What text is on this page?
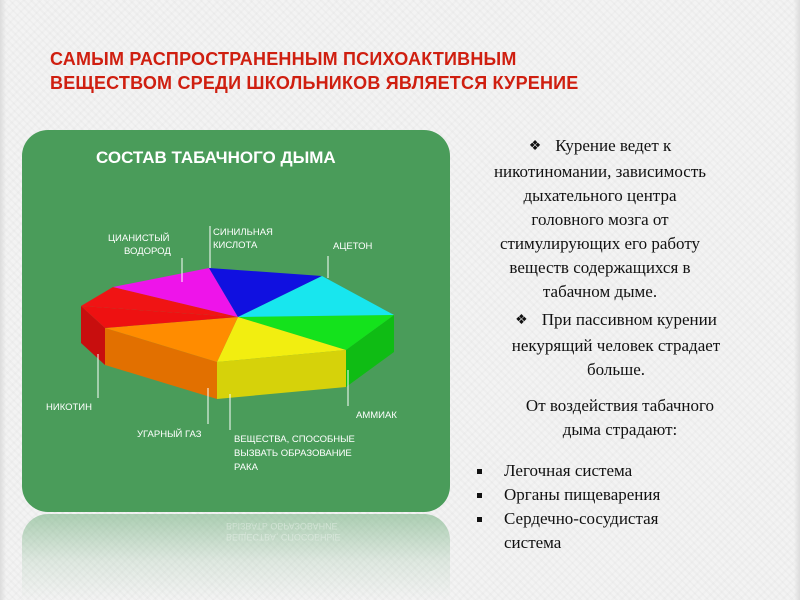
САМЫМ РАСПРОСТРАНЕННЫМ ПСИХОАКТИВНЫМ
ВЕЩЕСТВОМ СРЕДИ ШКОЛЬНИКОВ ЯВЛЯЕТСЯ КУРЕНИЕ
СОСТАВ ТАБАЧНОГО ДЫМА
ЦИАНИСТЫЙ
ВОДОРОД
СИНИЛЬНАЯ
КИСЛОТА	АЦЕТОН
НИКОТИН
УГАРНЫЙ ГАЗ	ВЕЩЕСТВА, СПОСОБНЫЕ
ВЫЗВАТЬ ОБРАЗОВАНИЕ
РАКА
АММИАК
ВЕЩЕСТВА, СПОСОБНЫЕ
ВЫЗВАТЬ ОБРАЗОВАНИЕ
❖ Курение ведет к
никотиномании, зависимость
дыхательного центра
головного мозга от
стимулирующих его работу
веществ содержащихся в
табачном дыме.
❖ При пассивном курении
некурящий человек страдает
больше.
От воздействия табачного
дыма страдают:
Легочная система
Органы пищеварения
Сердечно-сосудистая
система
